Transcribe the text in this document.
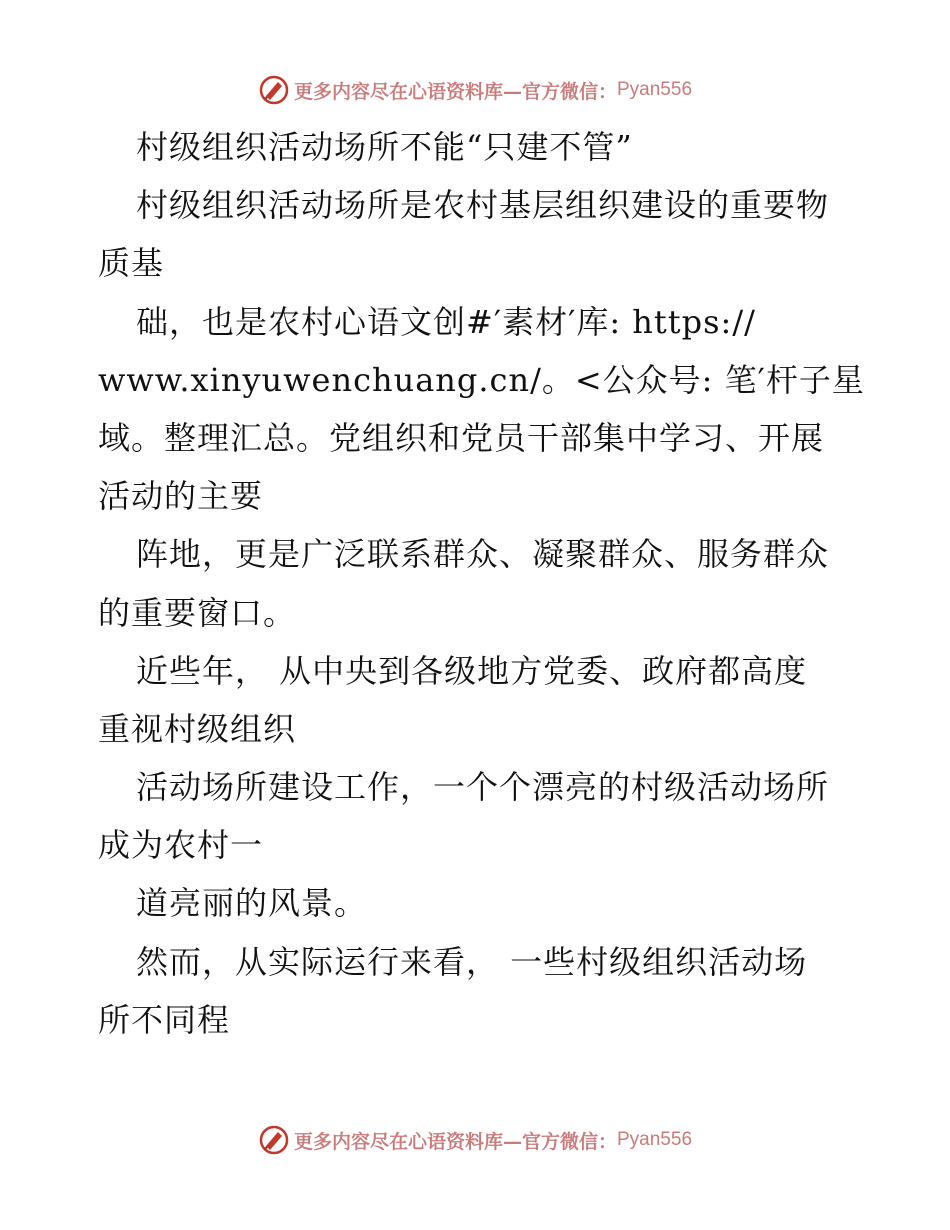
更多内容尽在心语资料库—官方微信： Pyan556
村级组织活动场所不能“只建不管”
村级组织活动场所是农村基层组织建设的重要物
质基
础，也是农村心语文创#′素材′库: https://
www.xinyuwenchuang.cn/。<公众号: 笔′杆子星
域。整理汇总。党组织和党员干部集中学习、开展
活动的主要
阵地，更是广泛联系群众、凝聚群众、服务群众
的重要窗口。
近些年， 从中央到各级地方党委、政府都高度
重视村级组织
活动场所建设工作，一个个漂亮的村级活动场所
成为农村一
道亮丽的风景。
然而，从实际运行来看， 一些村级组织活动场
所不同程
更多内容尽在心语资料库—官方微信： Pyan556
